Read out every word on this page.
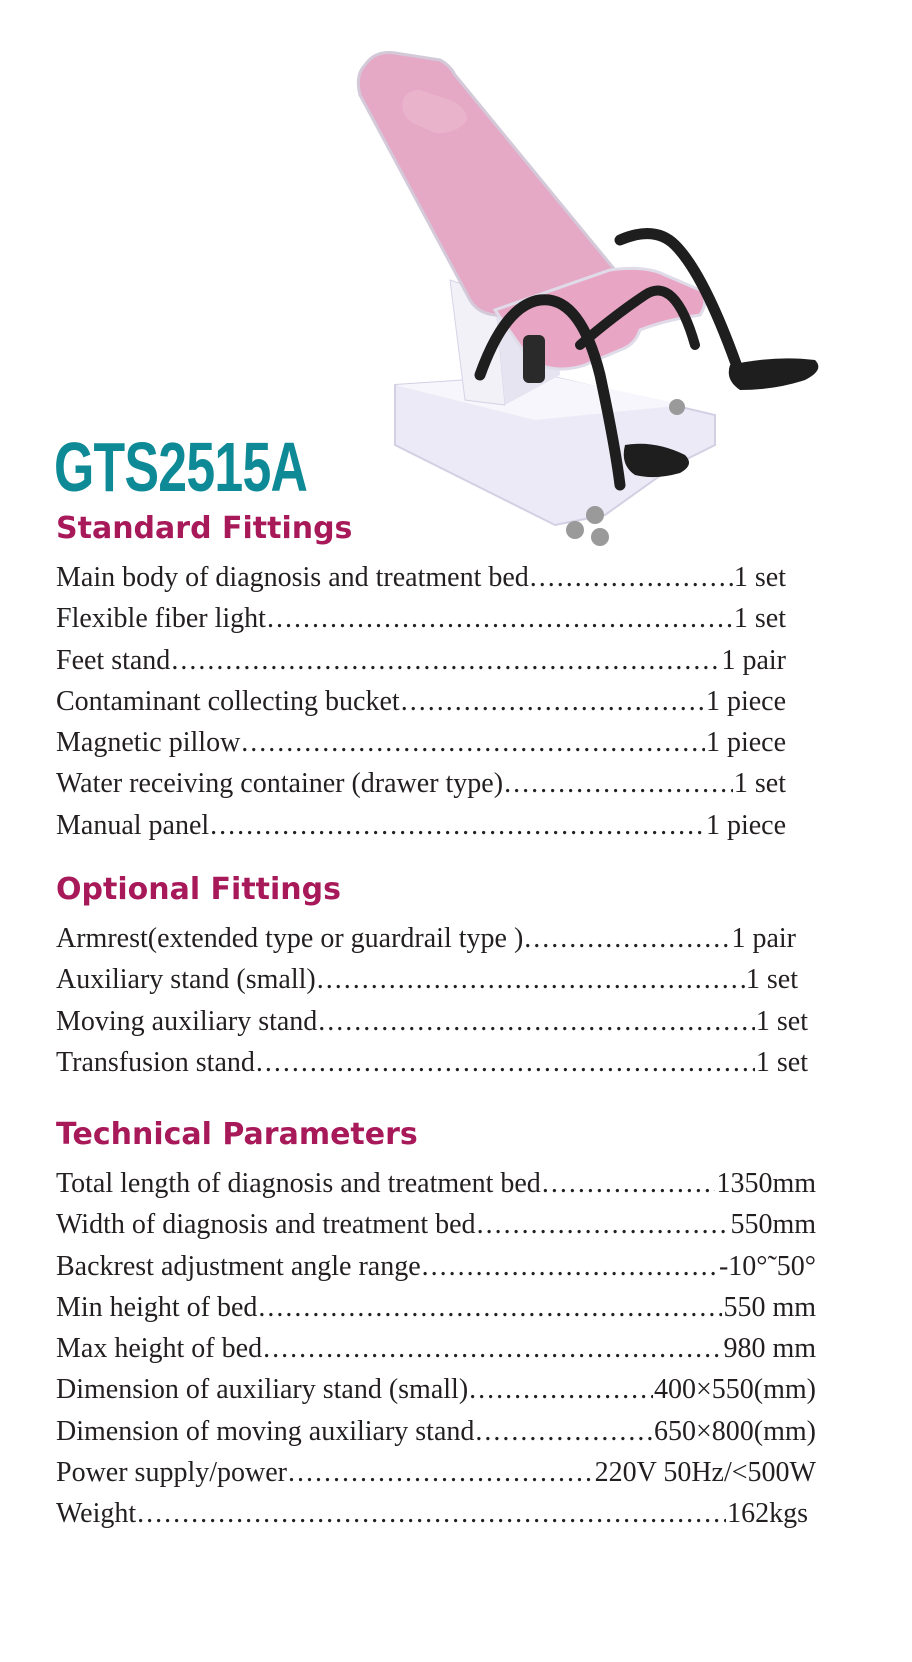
GTS2515A
Standard Fittings
Main body of diagnosis and treatment bed .....	1 set
Flexible fiber light .....	1 set
Feet stand .....	1 pair
Contaminant collecting bucket .....	1 piece
Magnetic pillow .....	1 piece
Water receiving container (drawer type) .....	1 set
Manual panel .....	1 piece
Optional Fittings
Armrest(extended type or guardrail type ) .....	1 pair
Auxiliary stand (small) .....	1 set
Moving auxiliary stand .....	1 set
Transfusion stand .....	1 set
Technical Parameters
Total length of diagnosis and treatment bed .....	1350mm
Width of diagnosis and treatment bed .....	550mm
Backrest adjustment angle range .....	-10°˜50°
Min height of bed .....	550 mm
Max height of bed .....	980 mm
Dimension of auxiliary stand (small) .....	400×550(mm)
Dimension of moving auxiliary stand .....	650×800(mm)
Power supply/power .....	220V 50Hz/<500W
Weight .....	162kgs
